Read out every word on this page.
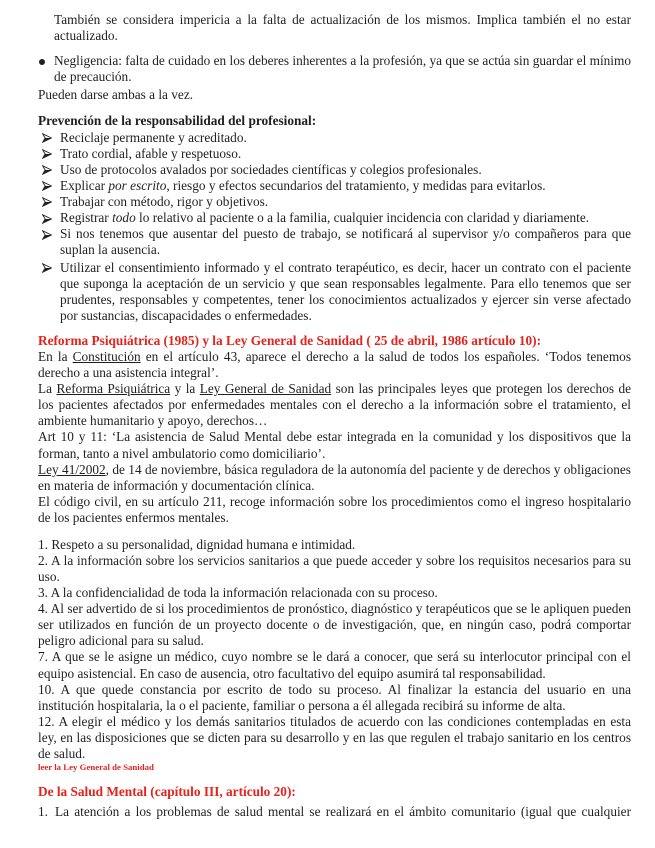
También se considera impericia a la falta de actualización de los mismos. Implica también el no estar actualizado.

Negligencia: falta de cuidado en los deberes inherentes a la profesión, ya que se actúa sin guardar el mínimo de precaución.

Pueden darse ambas a la vez.

Prevención de la responsabilidad del profesional:

Reciclaje permanente y acreditado.
Trato cordial, afable y respetuoso.
Uso de protocolos avalados por sociedades científicas y colegios profesionales.
Explicar por escrito, riesgo y efectos secundarios del tratamiento, y medidas para evitarlos.
Trabajar con método, rigor y objetivos.
Registrar todo lo relativo al paciente o a la familia, cualquier incidencia con claridad y diariamente.
Si nos tenemos que ausentar del puesto de trabajo, se notificará al supervisor y/o compañeros para que suplan la ausencia.
Utilizar el consentimiento informado y el contrato terapéutico, es decir, hacer un contrato con el paciente que suponga la aceptación de un servicio y que sean responsables legalmente. Para ello tenemos que ser prudentes, responsables y competentes, tener los conocimientos actualizados y ejercer sin verse afectado por sustancias, discapacidades o enfermedades.

Reforma Psiquiátrica (1985) y la Ley General de Sanidad ( 25 de abril, 1986 artículo 10):

En la Constitución en el artículo 43, aparece el derecho a la salud de todos los españoles. ‘Todos tenemos derecho a una asistencia integral’.

La Reforma Psiquiátrica y la Ley General de Sanidad son las principales leyes que protegen los derechos de los pacientes afectados por enfermedades mentales con el derecho a la información sobre el tratamiento, el ambiente humanitario y apoyo, derechos…

Art 10 y 11: ‘La asistencia de Salud Mental debe estar integrada en la comunidad y los dispositivos que la forman, tanto a nivel ambulatorio como domiciliario’.

Ley 41/2002, de 14 de noviembre, básica reguladora de la autonomía del paciente y de derechos y obligaciones en materia de información y documentación clínica.

El código civil, en su artículo 211, recoge información sobre los procedimientos como el ingreso hospitalario de los pacientes enfermos mentales.

1. Respeto a su personalidad, dignidad humana e intimidad.

2. A la información sobre los servicios sanitarios a que puede acceder y sobre los requisitos necesarios para su uso.

3. A la confidencialidad de toda la información relacionada con su proceso.

4. Al ser advertido de si los procedimientos de pronóstico, diagnóstico y terapéuticos que se le apliquen pueden ser utilizados en función de un proyecto docente o de investigación, que, en ningún caso, podrá comportar peligro adicional para su salud.

7. A que se le asigne un médico, cuyo nombre se le dará a conocer, que será su interlocutor principal con el equipo asistencial. En caso de ausencia, otro facultativo del equipo asumirá tal responsabilidad.

10. A que quede constancia por escrito de todo su proceso. Al finalizar la estancia del usuario en una institución hospitalaria, la o el paciente, familiar o persona a él allegada recibirá su informe de alta.

12. A elegir el médico y los demás sanitarios titulados de acuerdo con las condiciones contempladas en esta ley, en las disposiciones que se dicten para su desarrollo y en las que regulen el trabajo sanitario en los centros de salud.

leer la Ley General de Sanidad

De la Salud Mental (capítulo III, artículo 20):

1. La atención a los problemas de salud mental se realizará en el ámbito comunitario (igual que cualquier
